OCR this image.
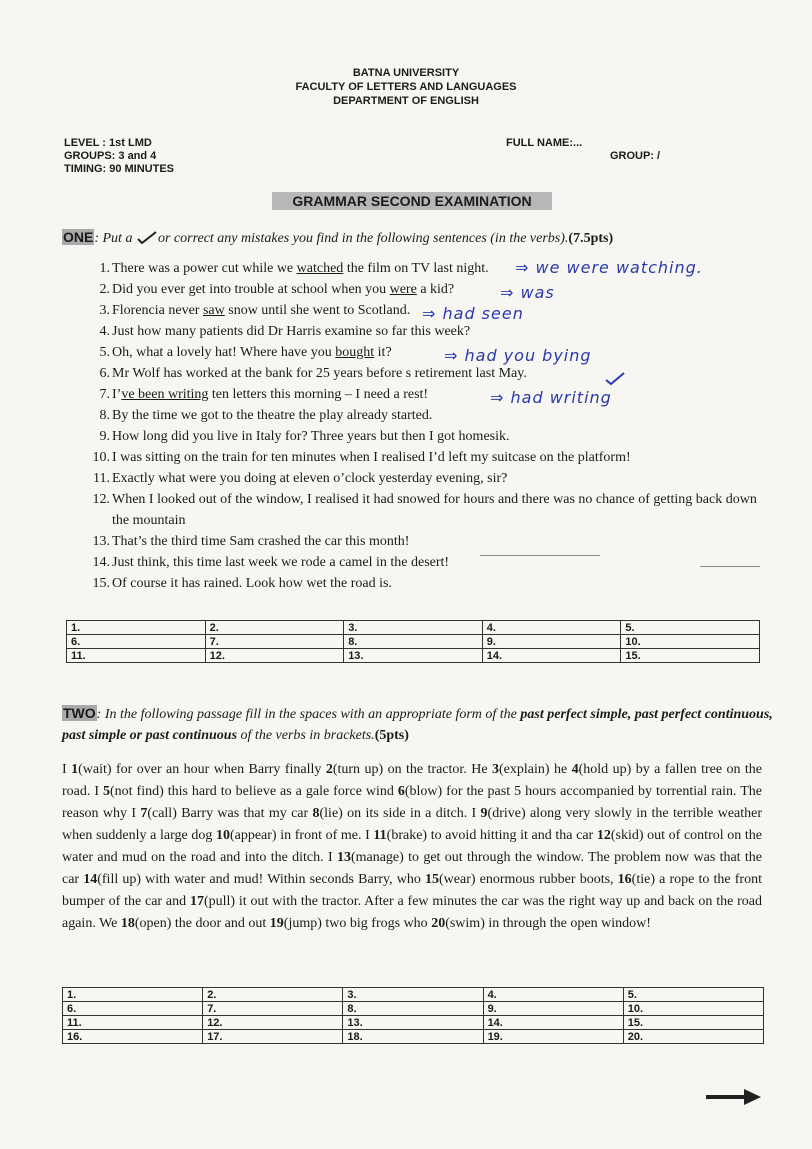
BATNA UNIVERSITY
FACULTY OF LETTERS AND LANGUAGES
DEPARTMENT OF ENGLISH
LEVEL : 1st LMD
GROUPS: 3 and 4
TIMING: 90 MINUTES
FULL NAME:...
GROUP: /
GRAMMAR SECOND EXAMINATION
ONE: Put a or correct any mistakes you find in the following sentences (in the verbs).(7.5pts)
1. There was a power cut while we watched the film on TV last night.
2. Did you ever get into trouble at school when you were a kid?
3. Florencia never saw snow until she went to Scotland.
4. Just how many patients did Dr Harris examine so far this week?
5. Oh, what a lovely hat! Where have you bought it?
6. Mr Wolf has worked at the bank for 25 years before s retirement last May.
7. I’ve been writing ten letters this morning – I need a rest!
8. By the time we got to the theatre the play already started.
9. How long did you live in Italy for? Three years but then I got homesik.
10. I was sitting on the train for ten minutes when I realised I’d left my suitcase on the platform!
11. Exactly what were you doing at eleven o’clock yesterday evening, sir?
12. When I looked out of the window, I realised it had snowed for hours and there was no chance of getting back down the mountain
13. That’s the third time Sam crashed the car this month!
14. Just think, this time last week we rode a camel in the desert!
15. Of course it has rained. Look how wet the road is.
⇒ we were watching.
⇒ was
⇒ had seen
⇒ had you bying
⇒ had writing
1.	2.	3.	4.	5.
6.	7.	8.	9.	10.
11.	12.	13.	14.	15.
TWO: In the following passage fill in the spaces with an appropriate form of the past perfect simple, past perfect continuous, past simple or past continuous of the verbs in brackets.(5pts)
I 1(wait) for over an hour when Barry finally 2(turn up) on the tractor. He 3(explain) he 4(hold up) by a fallen tree on the road. I 5(not find) this hard to believe as a gale force wind 6(blow) for the past 5 hours accompanied by torrential rain. The reason why I 7(call) Barry was that my car 8(lie) on its side in a ditch. I 9(drive) along very slowly in the terrible weather when suddenly a large dog 10(appear) in front of me. I 11(brake) to avoid hitting it and tha car 12(skid) out of control on the water and mud on the road and into the ditch. I 13(manage) to get out through the window. The problem now was that the car 14(fill up) with water and mud! Within seconds Barry, who 15(wear) enormous rubber boots, 16(tie) a rope to the front bumper of the car and 17(pull) it out with the tractor. After a few minutes the car was the right way up and back on the road again. We 18(open) the door and out 19(jump) two big frogs who 20(swim) in through the open window!
1.	2.	3.	4.	5.
6.	7.	8.	9.	10.
11.	12.	13.	14.	15.
16.	17.	18.	19.	20.
